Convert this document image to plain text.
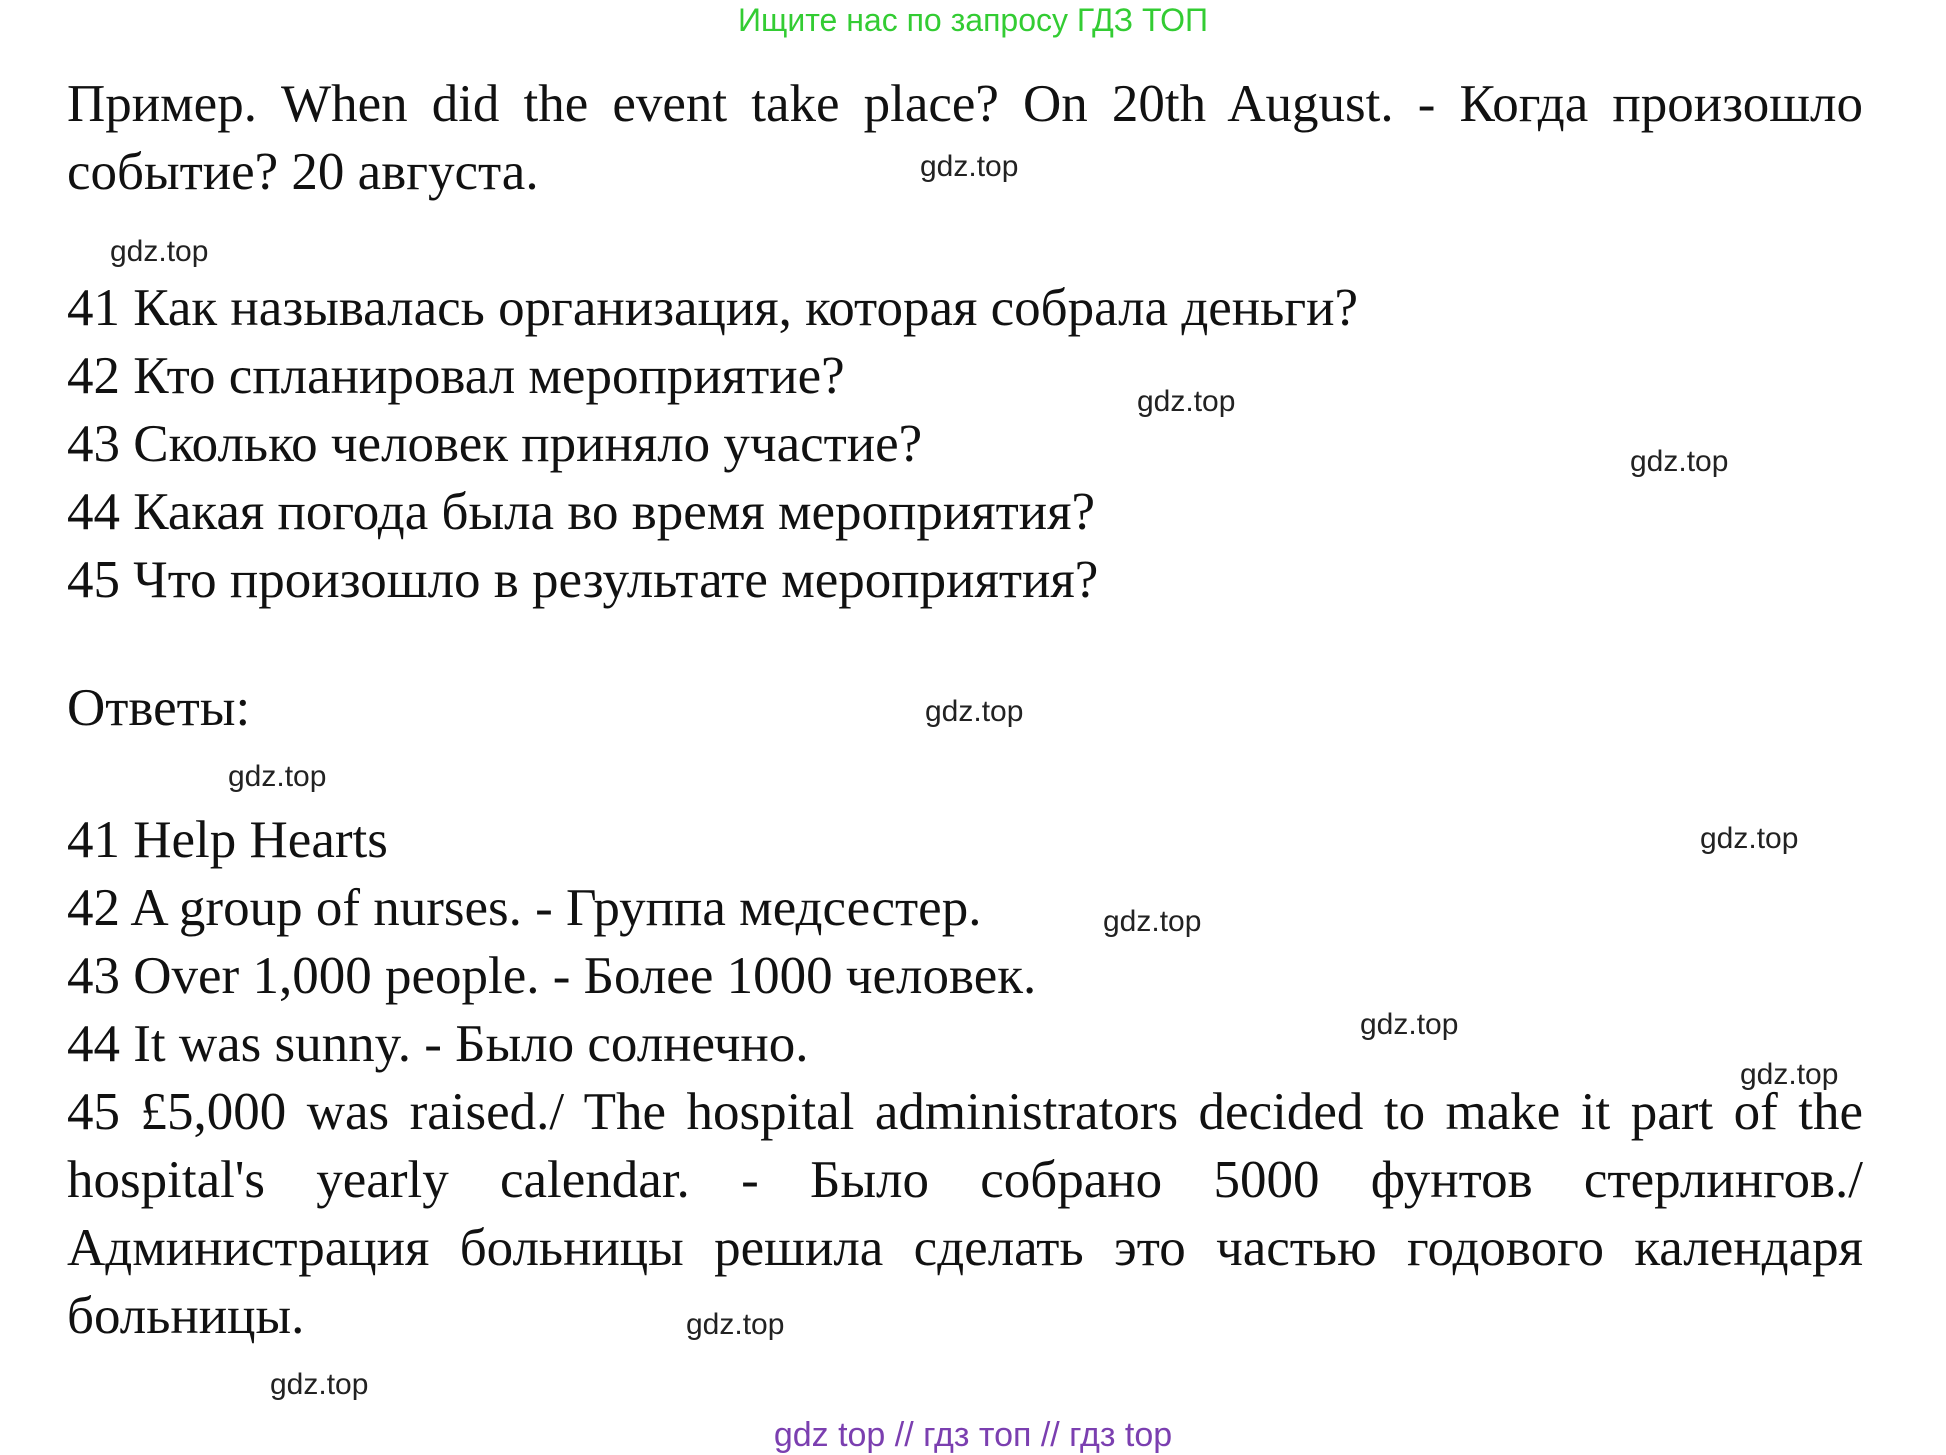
Ищите нас по запросу ГДЗ ТОП
Пример. When did the event take place? On 20th August. - Когда произошло событие? 20 августа.
41 Как называлась организация, которая собрала деньги?
42 Кто спланировал мероприятие?
43 Сколько человек приняло участие?
44 Какая погода была во время мероприятия?
45 Что произошло в результате мероприятия?
Ответы:
41 Help Hearts
42 A group of nurses. - Группа медсестер.
43 Over 1,000 people. - Более 1000 человек.
44 It was sunny. - Было солнечно.
45 £5,000 was raised./ The hospital administrators decided to make it part of the hospital's yearly calendar. - Было собрано 5000 фунтов стерлингов./ Администрация больницы решила сделать это частью годового календаря больницы.
gdz.top
gdz.top
gdz.top
gdz.top
gdz.top
gdz.top
gdz.top
gdz.top
gdz.top
gdz.top
gdz.top
gdz.top
gdz top // гдз топ // гдз top
